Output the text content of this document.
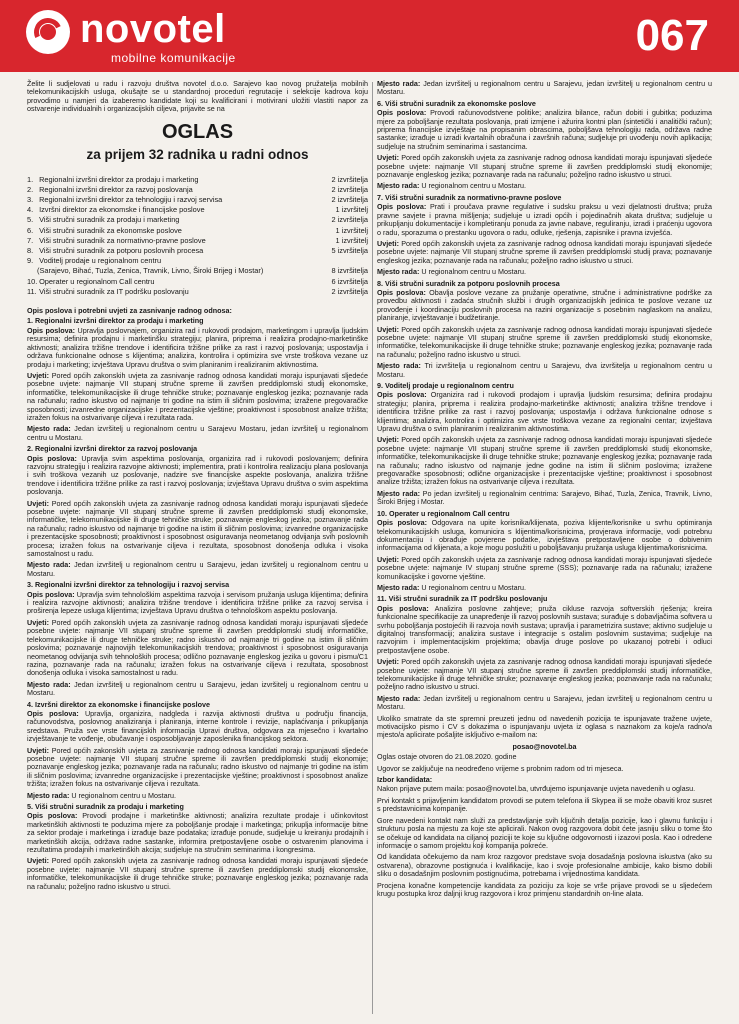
novotel
mobilne komunikacije	067

Želite li sudjelovati u radu i razvoju društva novotel d.o.o. Sarajevo kao novog pružatelja mobilnih telekomunikacijskih usluga, okušajte se u standardnoj proceduri regrutacije i selekcije kadrova koju provodimo u namjeri da izaberemo kandidate koji su kvalificirani i motivirani uložiti vlastiti napor za ostvarenje individualnih i organizacijskih ciljeva, prijavite se na

OGLAS
za prijem 32 radnika u radni odnos
1. Regionalni izvršni direktor za prodaju i marketing	2 izvršitelja
2. Regionalni izvršni direktor za razvoj poslovanja	2 izvršitelja
3. Regionalni izvršni direktor za tehnologiju i razvoj servisa	2 izvršitelja
4. Izvršni direktor za ekonomske i financijske poslove	1 izvršitelj
5. Viši stručni suradnik za prodaju i marketing	2 izvršitelja
6. Viši stručni suradnik za ekonomske poslove	1 izvršitelj
7. Viši stručni suradnik za normativno-pravne poslove	1 izvršitelj
8. Viši stručni suradnik za potporu poslovnih procesa	5 izvršitelja
9. Voditelj prodaje u regionalnom centru
(Sarajevo, Bihać, Tuzla, Zenica, Travnik, Livno, Široki Brijeg i Mostar)	8 izvršitelja
10. Operater u regionalnom Call centru	6 izvršitelja
11. Viši stručni suradnik za IT podršku poslovanju	2 izvršitelja
Opis poslova i potrebni uvjeti za zasnivanje radnog odnosa:
1. Regionalni izvršni direktor za prodaju i marketing

Opis poslova: Upravlja poslovnajem, organizira rad i rukovodi prodajom, marketingom i upravlja ljudskim resursima; definira prodajnu i marketinšku strategiju; planira, priprema i realizira prodajno-marketinške aktivnosti; analizira tržišne trendove i identificira tržišne prilike za rast i razvoj poslovanja; uspostavlja i održava funkcionalne odnose s klijentima; analizira, kontrolira i optimizira sve vrste troškova vezane uz prodaju i marketing; izvještava Upravu društva o svim planiranim i realiziranim aktivnostima.

Uvjeti: Pored općih zakonskih uvjeta za zasnivanje radnog odnosa kandidati moraju ispunjavati sljedeće posebne uvjete: najmanje VII stupanj stručne spreme ili završen preddiplomski studij ekonomske, informatičke, telekomunikacijske ili druge tehničke struke; poznavanje engleskog jezika; poznavanje rada na računalu; radno iskustvo od najmanje tri godine na istim ili sličnim poslovima; izražene pregovaračke sposobnosti; izvanredne organizacijske i prezentacijske vještine; proaktivnost i sposobnost analize tržišta; izražen fokus na ostvarivanje ciljeva i rezultata rada.

Mjesto rada: Jedan izvršitelj u regionalnom centru u Sarajevu Mostaru, jedan izvršitelj u regionalnom centru u Mostaru.

2. Regionalni izvršni direktor za razvoj poslovanja

Opis poslova: Upravlja svim aspektima poslovanja, organizira rad i rukovodi poslovanjem; definira razvojnu strategiju i realizira razvojne aktivnosti; implementira, prati i kontrolira realizaciju plana poslovanja i svih troškova vezanih uz poslovanje, nadzire sve financijske aspekte poslovanja, analizira tržišne trendove i identificira tržišne prilike za rast i razvoj poslovanja; izvještava Upravu društva o svim aspektima poslovanja.

Uvjeti: Pored općih zakonskih uvjeta za zasnivanje radnog odnosa kandidati moraju ispunjavati sljedeće posebne uvjete: najmanje VII stupanj stručne spreme ili završen preddiplomski studij ekonomske, informatičke, telekomunikacijske ili druge tehničke struke; poznavanje engleskog jezika; poznavanje rada na računalu; radno iskustvo od najmanje tri godine na istim ili sličnim poslovima; izvanredne organizacijske i prezentacijske sposobnosti; proaktivnost i sposobnost osiguravanja neometanog odvijanja svih poslovnih procesa; izražen fokus na ostvarivanje ciljeva i rezultata, sposobnost donošenja odluka i visoka samostalnost u radu.

Mjesto rada: Jedan izvršitelj u regionalnom centru u Sarajevu, jedan izvršitelj u regionalnom centru u Mostaru.

3. Regionalni izvršni direktor za tehnologiju i razvoj servisa

Opis poslova: Upravlja svim tehnološkim aspektima razvoja i servisom pružanja usluga klijentima; definira i realizira razvojne aktivnosti; analizira tržišne trendove i identificira tržišne prilike za razvoj servisa i proširenja lepeze usluga klijentima; izvještava Upravu društva o tehnološkom aspektu poslovanja.

Uvjeti: Pored općih zakonskih uvjeta za zasnivanje radnog odnosa kandidati moraju ispunjavati sljedeće posebne uvjete: najmanje VII stupanj stručne spreme ili završen preddiplomski studij informatičke, telekomunikacijske ili druge tehničke struke; radno iskustvo od najmanje tri godine na istim ili sličnim poslovima; poznavanje najnovijih telekomunikacijskih trendova; proaktivnost i sposobnost osiguravanja neometanog odvijanja svih tehnoloških procesa; odlično poznavanje engleskog jezika u govoru i pismu/C1 razina, poznavanje rada na računalu; izražen fokus na ostvarivanje ciljeva i rezultata, sposobnost donošenja odluka i visoka samostalnost u radu.

Mjesto rada: Jedan izvršitelj u regionalnom centru u Sarajevu, jedan izvršitelj u regionalnom centru u Mostaru.

4. Izvršni direktor za ekonomske i financijske poslove

Opis poslova: Upravlja, organizira, nadgleda i razvija aktivnosti društva u području financija, računovodstva, poslovnog analiziranja i planiranja, interne kontrole i revizije, naplaćivanja i prikupljanja sredstava. Pruža sve vrste financijskih informacija Upravi društva, odgovara za mjesečno i kvartalno izvještavanje te vođenje, obučavanje i osposobljavanje zaposlenika financijskog sektora.

Uvjeti: Pored općih zakonskih uvjeta za zasnivanje radnog odnosa kandidati moraju ispunjavati sljedeće posebne uvjete: najmanje VII stupanj stručne spreme ili završen preddiplomski studij ekonomije; poznavanje engleskog jezika; poznavanje rada na računalu; radno iskustvo od najmanje tri godine na istim ili sličnim poslovima; izvanredne organizacijske i prezentacijske vještine; proaktivnost i sposobnost analize tržišta; izražen fokus na ostvarivanje ciljeva i rezultata.

Mjesto rada: U regionalnom centru u Mostaru.

5. Viši stručni suradnik za prodaju i marketing

Opis poslova: Provodi prodajne i marketinške aktivnosti; analizira rezultate prodaje i učinkovitost marketinških aktivnosti te poduzima mjere za poboljšanje prodaje i marketinga; prikuplja informacije bitne za sektor prodaje i marketinga i izrađuje baze podataka; izrađuje ponude, sudjeluje u kreiranju prodajnih i marketinških akcija, održava radne sastanke, informira pretpostavljene osobe o ostvarenim planovima i rezultatima prodajnih i marketinških akcija; sudjeluje na stručnim seminarima i kongresima.

Uvjeti: Pored općih zakonskih uvjeta za zasnivanje radnog odnosa kandidati moraju ispunjavati sljedeće posebne uvjete: najmanje VII stupanj stručne spreme ili završen preddiplomski studij ekonomske, informatičke, telekomunikacijske ili druge tehničke struke; poznavanje engleskog jezika; poznavanje rada na računalu; poželjno radno iskustvo u struci.

Mjesto rada: Jedan izvršitelj u regionalnom centru u Sarajevu, jedan izvršitelj u regionalnom centru u Mostaru.

6. Viši stručni suradnik za ekonomske poslove

Opis poslova: Provodi računovodstvene politike; analizira bilance, račun dobiti i gubitka; poduzima mjere za poboljšanje rezultata poslovanja, prati izmjene i ažurira kontni plan (sintetički i analitički račun); priprema financijske izvještaje na propisanim obrascima, poboljšava tehnologiju rada, održava radne sastanke; izrađuje u izradi kvartalnih obračuna i završnih računa; sudjeluje pri uvođenju novih aplikacija; sudjeluje na stručnim seminarima i sastancima.

Uvjeti: Pored općih zakonskih uvjeta za zasnivanje radnog odnosa kandidati moraju ispunjavati sljedeće posebne uvjete: najmanje VII stupanj stručne spreme ili završen preddiplomski studij ekonomije; poznavanje engleskog jezika; poznavanje rada na računalu; poželjno radno iskustvo u struci.

Mjesto rada: U regionalnom centru u Mostaru.

7. Viši stručni suradnik za normativno-pravne poslove

Opis poslova: Prati i proučava pravne regulative i sudsku praksu u vezi djelatnosti društva; pruža pravne savjete i pravna mišljenja; sudjeluje u izradi općih i pojedinačnih akata društva; sudjeluje u prikupljanju dokumentacije i kompletiranju ponuda za javne nabave, reguliranju, izradi i praćenju ugovora o radu, sporazuma o prestanku ugovora o radu, odluke, rješenja, zapisnike i pravna izvješća.

Uvjeti: Pored općih zakonskih uvjeta za zasnivanje radnog odnosa kandidati moraju ispunjavati sljedeće posebne uvjete: najmanje VII stupanj stručne spreme ili završen preddiplomski studij prava; poznavanje engleskog jezika; poznavanje rada na računalu; poželjno radno iskustvo u struci.

Mjesto rada: U regionalnom centru u Mostaru.

8. Viši stručni suradnik za potporu poslovnih procesa

Opis poslova: Obavlja poslove vezane za pružanje operativne, stručne i administrativne podrške za provedbu aktivnosti i zadaća stručnih službi i drugih organizacijskih jedinica te poslove vezane uz provođenje i koordinaciju poslovnih procesa na razini organizacije s posebnim naglaskom na analizu, planiranje, izvještavanje i budžetiranje.

Uvjeti: Pored općih zakonskih uvjeta za zasnivanje radnog odnosa kandidati moraju ispunjavati sljedeće posebne uvjete: najmanje VII stupanj stručne spreme ili završen preddiplomski studij ekonomske, informatičke, telekomunikacijske ili druge tehničke struke; poznavanje engleskog jezika; poznavanje rada na računalu; poželjno radno iskustvo u struci.

Mjesto rada: Tri izvršitelja u regionalnom centru u Sarajevu, dva izvršitelja u regionalnom centru u Mostaru.

9. Voditelj prodaje u regionalnom centru

Opis poslova: Organizira rad i rukovodi prodajom i upravlja ljudskim resursima; definira prodajnu strategiju; planira, priprema i realizira prodajno-marketinške aktivnosti; analizira tržišne trendove i identificira tržišne prilike za rast i razvoj poslovanja; uspostavlja i održava funkcionalne odnose s klijentima; analizira, kontrolira i optimizira sve vrste troškova vezane za regionalni centar; izvještava Upravu društva o svim planiranim i realiziranim aktivnostima.

Uvjeti: Pored općih zakonskih uvjeta za zasnivanje radnog odnosa kandidati moraju ispunjavati sljedeće posebne uvjete: najmanje VII stupanj stručne spreme ili završen preddiplomski studij ekonomske, informatičke, telekomunikacijske ili druge tehničke struke; poznavanje engleskog jezika; poznavanje rada na računalu; radno iskustvo od najmanje jedne godine na istim ili sličnim poslovima; izražene pregovaračke sposobnosti; odlične organizacijske i prezentacijske vještine; proaktivnost i sposobnost analize tržišta; izražen fokus na ostvarivanje ciljeva i rezultata.

Mjesto rada: Po jedan izvršitelj u regionalnim centrima: Sarajevo, Bihać, Tuzla, Zenica, Travnik, Livno, Široki Brijeg i Mostar.

10. Operater u regionalnom Call centru

Opis poslova: Odgovara na upite korisnika/klijenata, poziva klijente/korisnike u svrhu optimiranja telekomunikacijskih usluga, komunicira s klijentima/korisnicima, provjerava informacije, vodi potrebnu dokumentaciju i obrađuje povjerene podatke, izvještava pretpostavljene osobe o dobivenim informacijama od klijenata, a koje mogu poslužiti u poboljšavanju pružanja usluga klijentima/korisnicima.

Uvjeti: Pored općih zakonskih uvjeta za zasnivanje radnog odnosa kandidati moraju ispunjavati sljedeće posebne uvjete: najmanje IV stupanj stručne spreme (SSS); poznavanje rada na računalu; izražene komunikacijske i govorne vještine.

Mjesto rada: U regionalnom centru u Mostaru.

11. Viši stručni suradnik za IT podršku poslovanju

Opis poslova: Analizira poslovne zahtjeve; pruža cikluse razvoja softverskih rješenja; kreira funkcionalne specifikacije za unapređenje ili razvoj poslovnih sustava; surađuje s dobavljačima softvera u svrhu poboljšanja postojećih ili razvoja novih sustava; upravlja i parametrizira sustave; aktivno sudjeluje u digitalnoj transformaciji; analizira sustave i integracije s ostalim poslovnim sustavima; sudjeluje na razvojnim i implementacijskim projektima; obavlja druge poslove po ukazanoj potrebi i odluci pretpostavljene osobe.

Uvjeti: Pored općih zakonskih uvjeta za zasnivanje radnog odnosa kandidati moraju ispunjavati sljedeće posebne uvjete: najmanje VII stupanj stručne spreme ili završen preddiplomski studij informatičke, telekomunikacijske ili druge tehničke struke; poznavanje engleskog jezika; poznavanje rada na računalu; poželjno radno iskustvo u struci.

Mjesto rada: Jedan izvršitelj u regionalnom centru u Sarajevu, jedan izvršitelj u regionalnom centru u Mostaru.

Ukoliko smatrate da ste spremni preuzeti jednu od navedenih pozicija te ispunjavate tražene uvjete, motivacijsko pismo i CV s dokazima o ispunjavanju uvjeta iz oglasa s naznakom za koje/a radno/a mjesto/a aplicirate pošaljite isključivo e-mailom na:

posao@novotel.ba

Oglas ostaje otvoren do 21.08.2020. godine

Ugovor se zaključuje na neodređeno vrijeme s probnim radom od tri mjeseca.

Izbor kandidata:

Nakon prijave putem maila: posao@novotel.ba, utvrđujemo ispunjavanje uvjeta navedenih u oglasu.

Prvi kontakt s prijavljenim kandidatom provodi se putem telefona ili Skypea ili se može obaviti kroz susret s predstavnicima kompanije.

Gore navedeni kontakt nam služi za predstavljanje svih ključnih detalja pozicije, kao i glavnu funkciju i strukturu posla na mjestu za koje ste aplicirali. Nakon ovog razgovora dobit ćete jasniju sliku o tome što se očekuje od kandidata na ciljanoj poziciji te koje su ključne odgovornosti i izazovi posla. Kao i odredene informacije o samom projektu koji kompanija pokreće.

Od kandidata očekujemo da nam kroz razgovor predstave svoja dosadašnja poslovna iskustva (ako su ostvarena), obrazovne postignuća i kvalifikacije, kao i svoje profesionalne ambicije, kako bismo dobili sliku o dosadašnjim poslovnim postignućima, potrebama i vrijednostima kandidata.

Procjena konačne kompetencije kandidata za poziciju za koje se vrše prijave provodi se u sljedećem krugu postupka kroz daljnji krug razgovora i kroz primjenu standardnih on-line alata.
